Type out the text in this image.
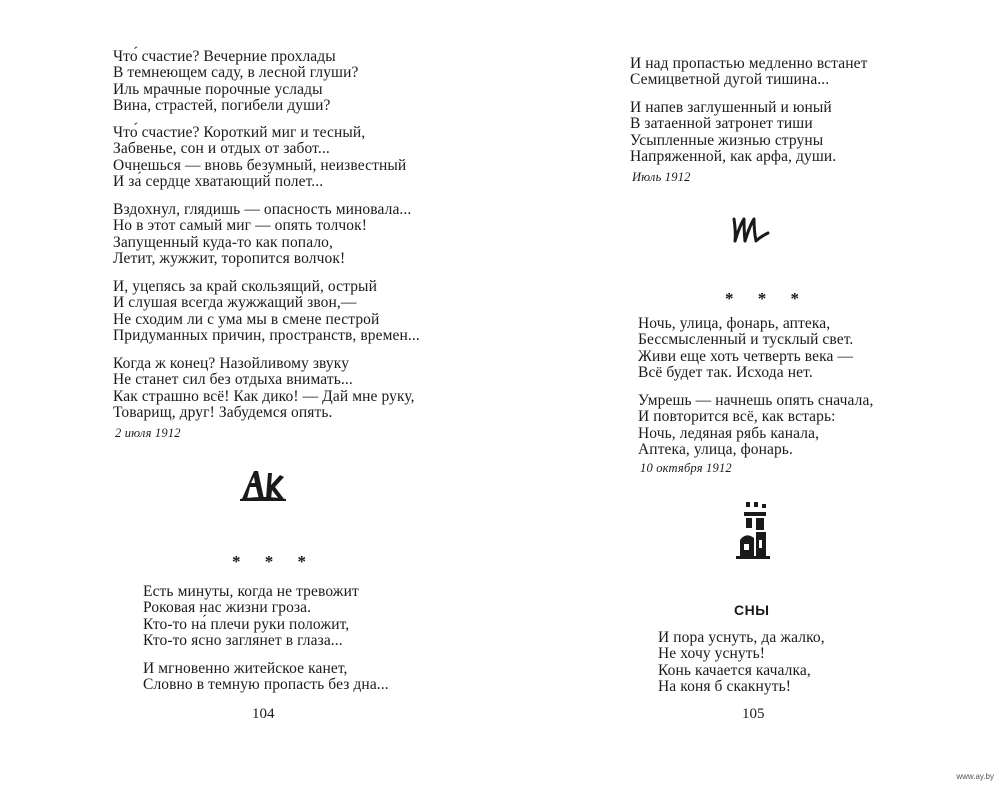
Что́ счастие? Вечерние прохлады
В темнеющем саду, в лесной глуши?
Иль мрачные порочные услады
Вина, страстей, погибели души?
Что́ счастие? Короткий миг и тесный,
Забвенье, сон и отдых от забот...
Очнешься — вновь безумный, неизвестный
И за́ сердце хватающий полет...
Вздохнул, глядишь — опасность миновала...
Но в этот самый миг — опять толчок!
Запущенный куда-то как попало,
Летит, жужжит, торопится волчок!
И, уцепясь за край скользящий, острый
И слушая всегда жужжащий звон,—
Не сходим ли с ума мы в смене пестрой
Придуманных причин, пространств, времен...
Когда ж конец? Назойливому звуку
Не станет сил без отдыха внимать...
Как страшно всё! Как дико! — Дай мне руку,
Товарищ, друг! Забудемся опять.
2 июля 1912
* * *
Есть минуты, когда не тревожит
Роковая нас жизни гроза.
Кто-то на́ плечи руки положит,
Кто-то ясно заглянет в глаза...
И мгновенно житейское канет,
Словно в темную пропасть без дна...
104
И над пропастью медленно встанет
Семицветной дугой тишина...
И напев заглушенный и юный
В затаенной затронет тиши
Усыпленные жизнью струны
Напряженной, как арфа, души.
Июль 1912
* * *
Ночь, улица, фонарь, аптека,
Бессмысленный и тусклый свет.
Живи еще хоть четверть века —
Всё будет так. Исхода нет.
Умрешь — начнешь опять сначала,
И повторится всё, как встарь:
Ночь, ледяная рябь канала,
Аптека, улица, фонарь.
10 октября 1912
СНЫ
И пора уснуть, да жалко,
Не хочу уснуть!
Конь качается качалка,
На коня б скакнуть!
105
www.ay.by
